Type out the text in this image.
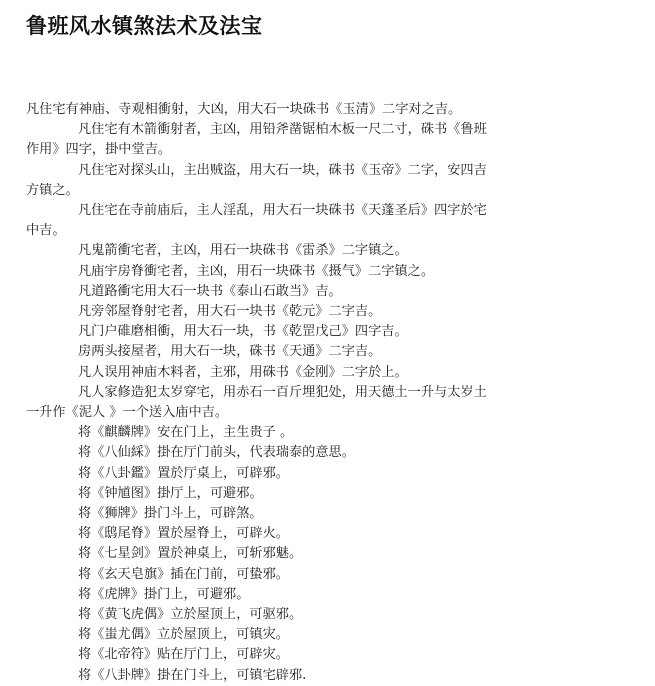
鲁班风水镇煞法术及法宝
凡住宅有神庙、寺观相衝射，大凶，用大石一块硃书《玉清》二字对之吉。
凡住宅有木箭衝射者，主凶，用铅斧凿锯柏木板一尺二寸，硃书《鲁班
作用》四字，掛中堂吉。
凡住宅对探头山，主出贼盗，用大石一块，硃书《玉帝》二字，安四吉
方镇之。
凡住宅在寺前庙后，主人淫乱，用大石一块硃书《天蓬圣后》四字於宅
中吉。
凡鬼箭衝宅者，主凶，用石一块硃书《雷杀》二字镇之。
凡庙宇房脊衝宅者，主凶，用石一块硃书《摄气》二字镇之。
凡道路衝宅用大石一块书《泰山石敢当》吉。
凡旁邻屋脊射宅者，用大石一块书《乾元》二字吉。
凡门户碓磨相衝，用大石一块，书《乾罡戊己》四字吉。
房两头接屋者，用大石一块，硃书《天通》二字吉。
凡人误用神庙木料者，主邪，用硃书《金刚》二字於上。
凡人家修造犯太岁穿宅，用赤石一百斤埋犯处，用天德土一升与太岁土
一升作《泥人 》一个送入庙中吉。
将《麒麟牌》安在门上，主生贵子 。
将《八仙綵》掛在厅门前头，代表瑞泰的意思。
将《八卦鑑》置於厅桌上，可辟邪。
将《钟馗图》掛厅上，可避邪。
将《狮牌》掛门斗上，可辟煞。
将《鸱尾脊》置於屋脊上，可辟火。
将《七星剑》置於神桌上，可斩邪魅。
将《玄天皂旗》插在门前，可蛰邪。
将《虎牌》掛门上，可避邪。
将《黄飞虎偶》立於屋顶上，可驱邪。
将《蚩尤偶》立於屋顶上，可镇灾。
将《北帝符》贴在厅门上，可辟灾。
将《八卦牌》掛在门斗上，可镇宅辟邪.
